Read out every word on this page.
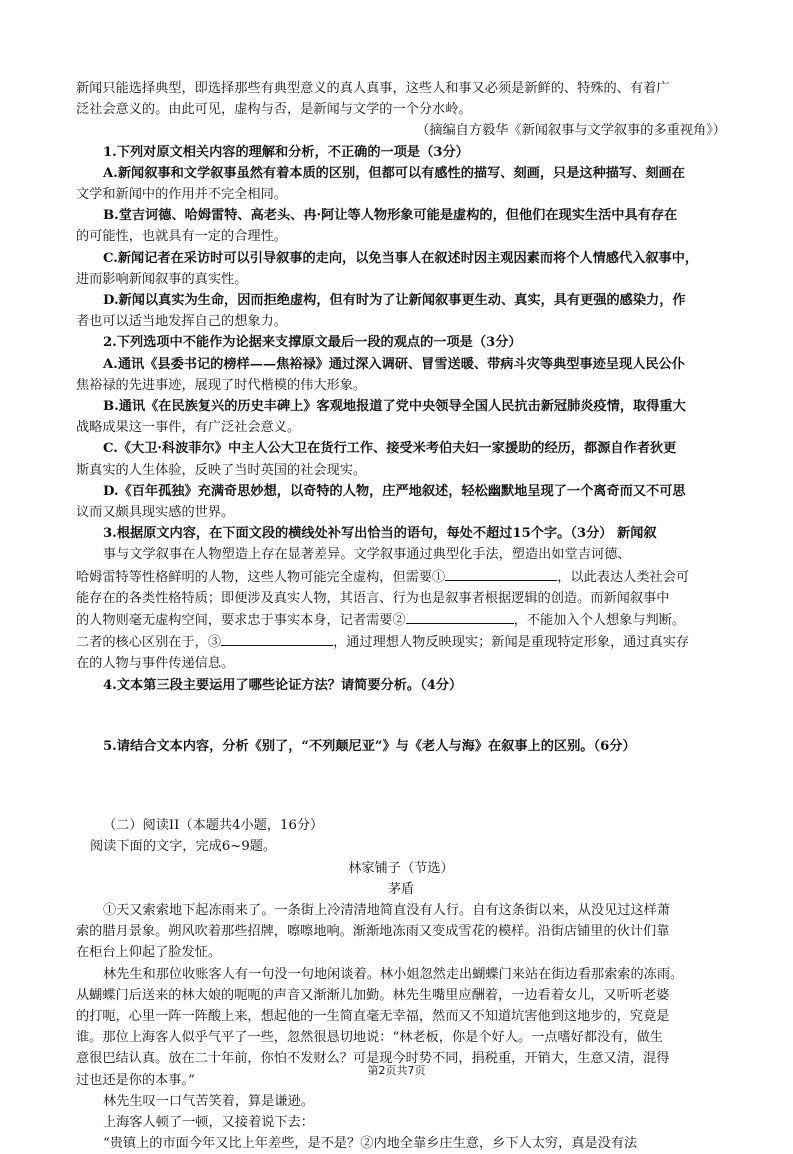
新闻只能选择典型，即选择那些有典型意义的真人真事，这些人和事又必须是新鲜的、特殊的、有着广

泛社会意义的。由此可见，虚构与否，是新闻与文学的一个分水岭。

（摘编自方毅华《新闻叙事与文学叙事的多重视角》）

1.下列对原文相关内容的理解和分析，不正确的一项是（3分）

A.新闻叙事和文学叙事虽然有着本质的区别，但都可以有感性的描写、刻画，只是这种描写、刻画在

文学和新闻中的作用并不完全相同。

B.堂吉诃德、哈姆雷特、高老头、冉·阿让等人物形象可能是虚构的，但他们在现实生活中具有存在

的可能性，也就具有一定的合理性。

C.新闻记者在采访时可以引导叙事的走向，以免当事人在叙述时因主观因素而将个人情感代入叙事中，

进而影响新闻叙事的真实性。

D.新闻以真实为生命，因而拒绝虚构，但有时为了让新闻叙事更生动、真实，具有更强的感染力，作

者也可以适当地发挥自己的想象力。

2.下列选项中不能作为论据来支撑原文最后一段的观点的一项是（3分）

A.通讯《县委书记的榜样——焦裕禄》通过深入调研、冒雪送暖、带病斗灾等典型事迹呈现人民公仆

焦裕禄的先进事迹，展现了时代楷模的伟大形象。

B.通讯《在民族复兴的历史丰碑上》客观地报道了党中央领导全国人民抗击新冠肺炎疫情，取得重大

战略成果这一事件，有广泛社会意义。

C.《大卫·科波菲尔》中主人公大卫在货行工作、接受米考伯夫妇一家援助的经历，都源自作者狄更

斯真实的人生体验，反映了当时英国的社会现实。

D.《百年孤独》充满奇思妙想，以奇特的人物，庄严地叙述，轻松幽默地呈现了一个离奇而又不可思

议而又颇具现实感的世界。

3.根据原文内容，在下面文段的横线处补写出恰当的语句，每处不超过15个字。（3分） 新闻叙

事与文学叙事在人物塑造上存在显著差异。文学叙事通过典型化手法，塑造出如堂吉诃德、

哈姆雷特等性格鲜明的人物，这些人物可能完全虚构，但需要①	，以此表达人类社会可

能存在的各类性格特质；即便涉及真实人物，其语言、行为也是叙事者根据逻辑的创造。而新闻叙事中

的人物则毫无虚构空间，要求忠于事实本身，记者需要②	，不能加入个人想象与判断。

二者的核心区别在于，③	，通过理想人物反映现实；新闻是重现特定形象，通过真实存

在的人物与事件传递信息。

4.文本第三段主要运用了哪些论证方法？请简要分析。（4分）

5.请结合文本内容，分析《别了，“不列颠尼亚”》与《老人与海》在叙事上的区别。（6分）

（二）阅读II（本题共4小题，16分）

阅读下面的文字，完成6~9题。

林家铺子（节选）

茅盾

①天又索索地下起冻雨来了。一条街上冷清清地简直没有人行。自有这条街以来，从没见过这样萧

索的腊月景象。朔风吹着那些招牌，嚓嚓地响。渐渐地冻雨又变成雪花的模样。沿街店铺里的伙计们靠

在柜台上仰起了脸发怔。

林先生和那位收账客人有一句没一句地闲谈着。林小姐忽然走出蝴蝶门来站在街边看那索索的冻雨。

从蝴蝶门后送来的林大娘的呃呃的声音又渐渐儿加勤。林先生嘴里应酬着，一边看着女儿，又听听老婆

的打呃，心里一阵一阵酸上来，想起他的一生简直毫无幸福，然而又不知道坑害他到这地步的，究竟是

谁。那位上海客人似乎气平了一些，忽然很恳切地说：“林老板，你是个好人。一点嗜好都没有，做生

意很巴结认真。放在二十年前，你怕不发财么？可是现今时势不同，捐税重，开销大，生意又清，混得

过也还是你的本事。”

林先生叹一口气苦笑着，算是谦逊。

上海客人顿了一顿，又接着说下去：

“贵镇上的市面今年又比上年差些，是不是？②内地全靠乡庄生意，乡下人太穷，真是没有法

第2页共7页
